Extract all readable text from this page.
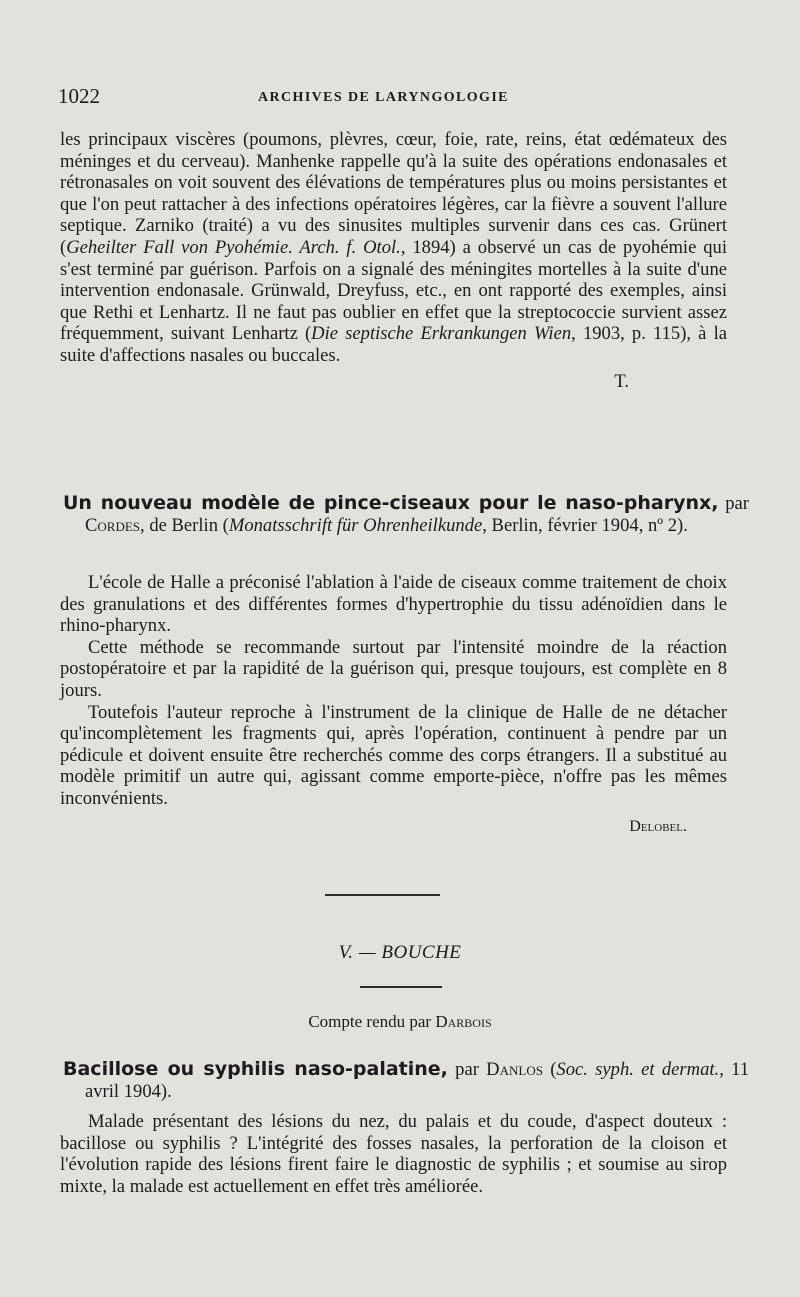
1022	ARCHIVES DE LARYNGOLOGIE

les principaux viscères (poumons, plèvres, cœur, foie, rate, reins, état œdémateux des méninges et du cerveau). Manhenke rappelle qu'à la suite des opérations endonasales et rétronasales on voit souvent des élévations de températures plus ou moins persistantes et que l'on peut rattacher à des infections opératoires légères, car la fièvre a souvent l'allure septique. Zarniko (traité) a vu des sinusites multiples survenir dans ces cas. Grünert (Geheilter Fall von Pyohémie. Arch. f. Otol., 1894) a observé un cas de pyohémie qui s'est terminé par guérison. Parfois on a signalé des méningites mortelles à la suite d'une intervention endonasale. Grünwald, Dreyfuss, etc., en ont rapporté des exemples, ainsi que Rethi et Lenhartz. Il ne faut pas oublier en effet que la streptococcie survient assez fréquemment, suivant Lenhartz (Die septische Erkrankungen Wien, 1903, p. 115), à la suite d'affections nasales ou buccales.

T.

Un nouveau modèle de pince-ciseaux pour le naso-pharynx, par Cordes, de Berlin (Monatsschrift für Ohrenheilkunde, Berlin, février 1904, nº 2).

L'école de Halle a préconisé l'ablation à l'aide de ciseaux comme traitement de choix des granulations et des différentes formes d'hypertrophie du tissu adénoïdien dans le rhino-pharynx.

Cette méthode se recommande surtout par l'intensité moindre de la réaction postopératoire et par la rapidité de la guérison qui, presque toujours, est complète en 8 jours.

Toutefois l'auteur reproche à l'instrument de la clinique de Halle de ne détacher qu'incomplètement les fragments qui, après l'opération, continuent à pendre par un pédicule et doivent ensuite être recherchés comme des corps étrangers. Il a substitué au modèle primitif un autre qui, agissant comme emporte-pièce, n'offre pas les mêmes inconvénients.

Delobel.

V. — BOUCHE
Compte rendu par Darbois
Bacillose ou syphilis naso-palatine, par Danlos (Soc. syph. et dermat., 11 avril 1904).

Malade présentant des lésions du nez, du palais et du coude, d'aspect douteux : bacillose ou syphilis ? L'intégrité des fosses nasales, la perforation de la cloison et l'évolution rapide des lésions firent faire le diagnostic de syphilis ; et soumise au sirop mixte, la malade est actuellement en effet très améliorée.
